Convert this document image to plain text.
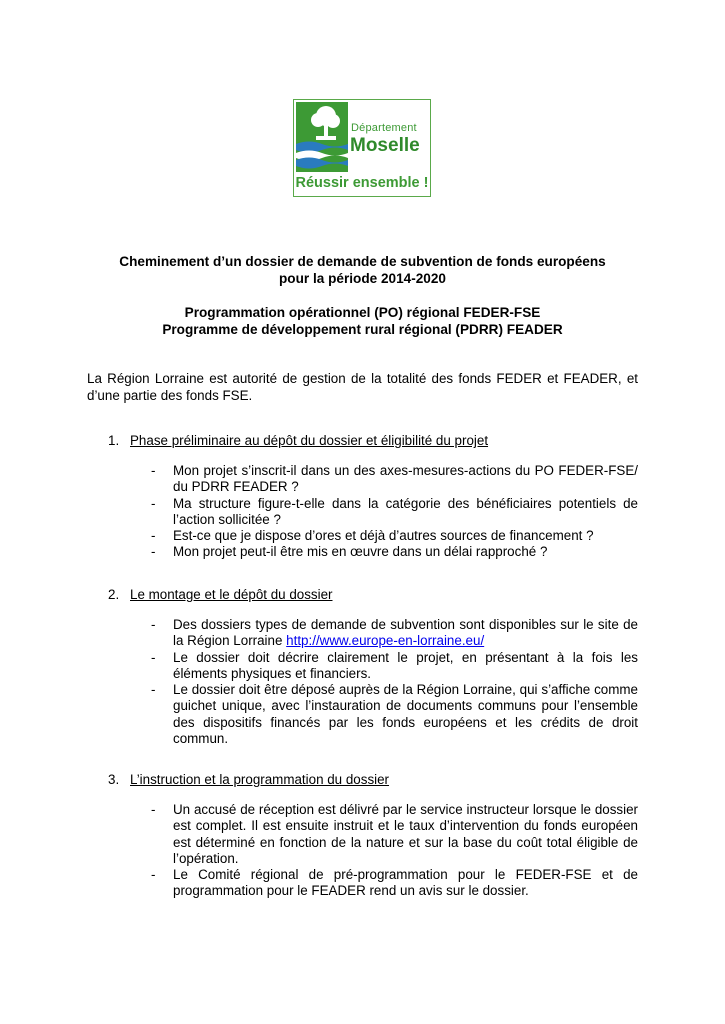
Département
Moselle
Réussir ensemble !

Cheminement d’un dossier de demande de subvention de fonds européens

pour la période 2014-2020

Programmation opérationnel (PO) régional FEDER-FSE

Programme de développement rural régional (PDRR) FEADER

La Région Lorraine est autorité de gestion de la totalité des fonds FEDER et FEADER, et d’une partie des fonds FSE.

1. Phase préliminaire au dépôt du dossier et éligibilité du projet

- Mon projet s’inscrit-il dans un des axes-mesures-actions du PO FEDER-FSE/ du PDRR FEADER ?
- Ma structure figure-t-elle dans la catégorie des bénéficiaires potentiels de l’action sollicitée ?
- Est-ce que je dispose d’ores et déjà d’autres sources de financement ?
- Mon projet peut-il être mis en œuvre dans un délai rapproché ?

2. Le montage et le dépôt du dossier

- Des dossiers types de demande de subvention sont disponibles sur le site de la Région Lorraine http://www.europe-en-lorraine.eu/
- Le dossier doit décrire clairement le projet, en présentant à la fois les éléments physiques et financiers.
- Le dossier doit être déposé auprès de la Région Lorraine, qui s’affiche comme guichet unique, avec l’instauration de documents communs pour l’ensemble des dispositifs financés par les fonds européens et les crédits de droit commun.

3. L’instruction et la programmation du dossier

- Un accusé de réception est délivré par le service instructeur lorsque le dossier est complet. Il est ensuite instruit et le taux d’intervention du fonds européen est déterminé en fonction de la nature et sur la base du coût total éligible de l’opération.
- Le Comité régional de pré-programmation pour le FEDER-FSE et de programmation pour le FEADER rend un avis sur le dossier.
